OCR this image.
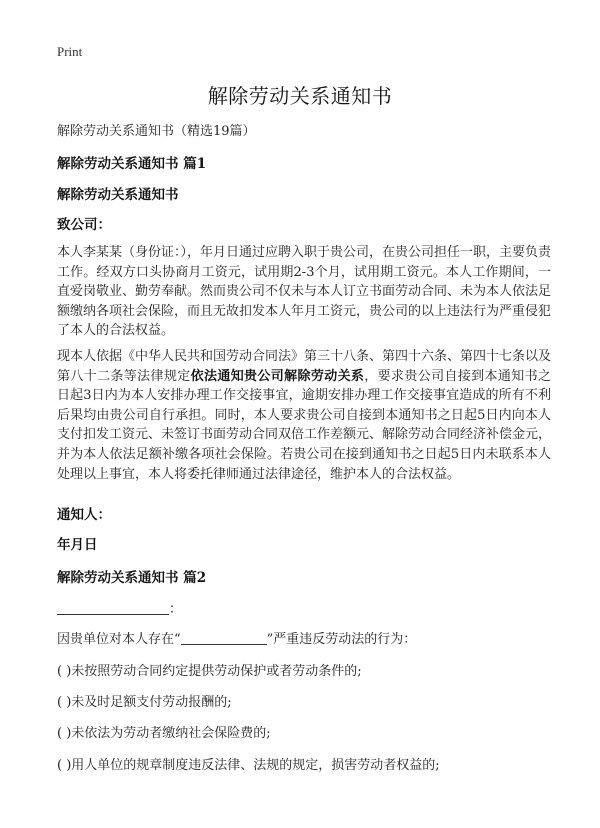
Print
解除劳动关系通知书
解除劳动关系通知书（精选19篇）
解除劳动关系通知书 篇1
解除劳动关系通知书
致公司：
本人李某某（身份证：），年月日通过应聘入职于贵公司，在贵公司担任一职，主要负责工作。经双方口头协商月工资元，试用期2-3个月，试用期工资元。本人工作期间，一直爱岗敬业、勤劳奉献。然而贵公司不仅未与本人订立书面劳动合同、未为本人依法足额缴纳各项社会保险，而且无故扣发本人年月工资元，贵公司的以上违法行为严重侵犯了本人的合法权益。
现本人依据《中华人民共和国劳动合同法》第三十八条、第四十六条、第四十七条以及第八十二条等法律规定依法通知贵公司解除劳动关系，要求贵公司自接到本通知书之日起3日内为本人安排办理工作交接事宜，逾期安排办理工作交接事宜造成的所有不利后果均由贵公司自行承担。同时，本人要求贵公司自接到本通知书之日起5日内向本人支付扣发工资元、未签订书面劳动合同双倍工作差额元、解除劳动合同经济补偿金元，并为本人依法足额补缴各项社会保险。若贵公司在接到通知书之日起5日内未联系本人处理以上事宜，本人将委托律师通过法律途径，维护本人的合法权益。
通知人：
年月日
解除劳动关系通知书 篇2
：
因贵单位对本人存在“	”严重违反劳动法的行为：
( )未按照劳动合同约定提供劳动保护或者劳动条件的;
( )未及时足额支付劳动报酬的;
( )未依法为劳动者缴纳社会保险费的;
( )用人单位的规章制度违反法律、法规的规定，损害劳动者权益的;
